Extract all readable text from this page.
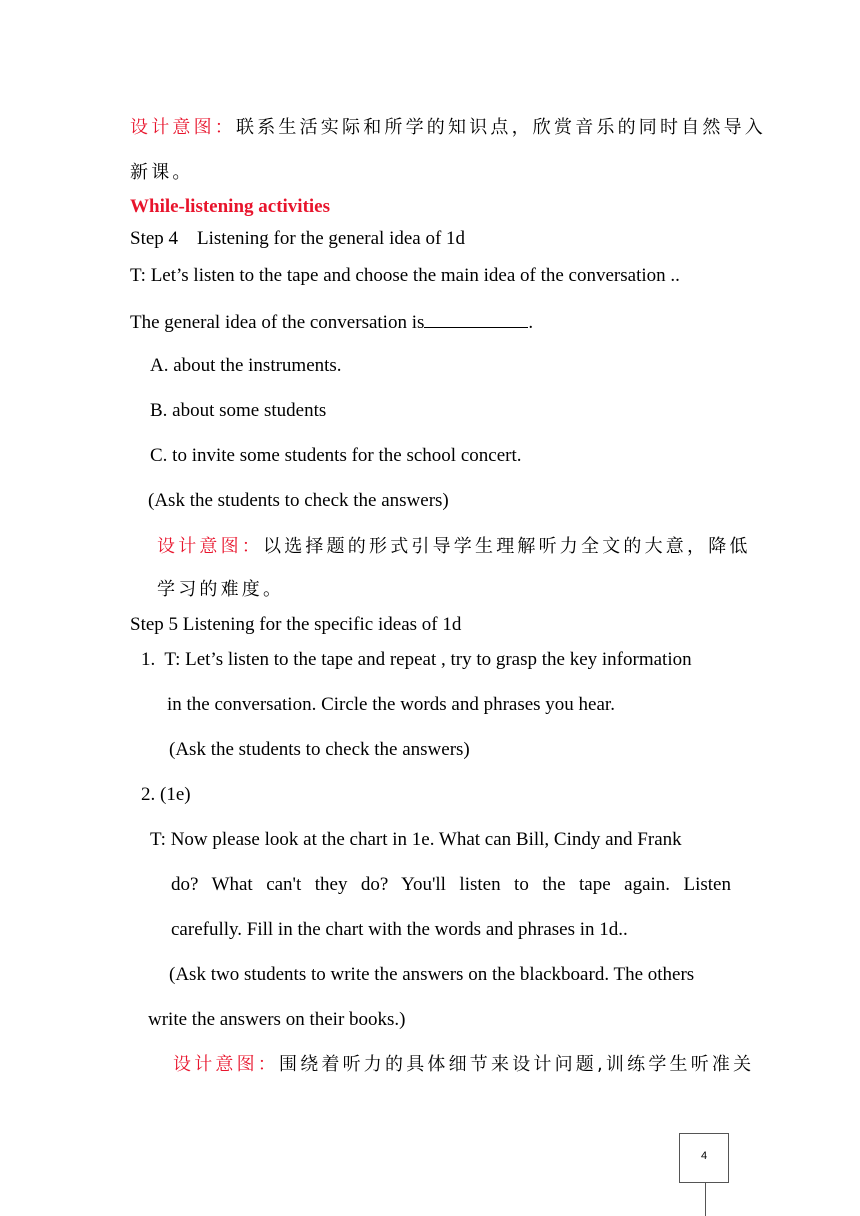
设计意图：联系生活实际和所学的知识点，欣赏音乐的同时自然导入
新课。
While-listening activities
Step 4    Listening for the general idea of 1d
T: Let’s listen to the tape and choose the main idea of the conversation ..
The general idea of the conversation is	.
A. about the instruments.
B. about some students
C. to invite some students for the school concert.
(Ask the students to check the answers)
设计意图：以选择题的形式引导学生理解听力全文的大意，降低
学习的难度。
Step 5 Listening for the specific ideas of 1d
1.  T: Let’s listen to the tape and repeat , try to grasp the key information
in the conversation. Circle the words and phrases you hear.
(Ask the students to check the answers)
2. (1e)
T: Now please look at the chart in 1e. What can Bill, Cindy and Frank
do? What can't they do? You'll listen to the tape again. Listen
carefully. Fill in the chart with the words and phrases in 1d..
(Ask two students to write the answers on the blackboard. The others
write the answers on their books.)
设计意图：围绕着听力的具体细节来设计问题,训练学生听准关
4
